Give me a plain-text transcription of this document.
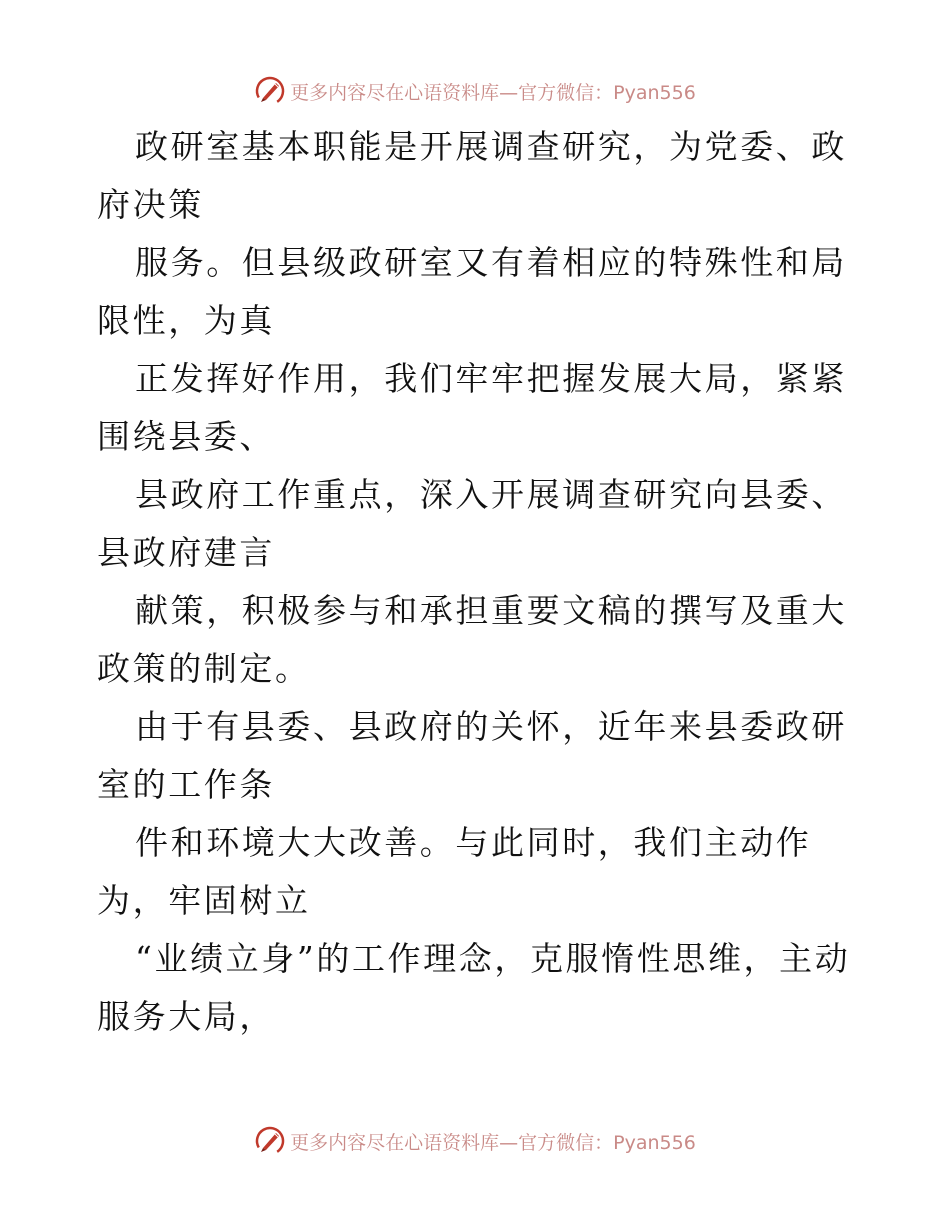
更多内容尽在心语资料库—官方微信：Pyan556

政研室基本职能是开展调查研究，为党委、政府决策

服务。但县级政研室又有着相应的特殊性和局限性，为真

正发挥好作用，我们牢牢把握发展大局，紧紧围绕县委、

县政府工作重点，深入开展调查研究向县委、县政府建言

献策，积极参与和承担重要文稿的撰写及重大政策的制定。

由于有县委、县政府的关怀，近年来县委政研室的工作条

件和环境大大改善。与此同时，我们主动作为，牢固树立

“业绩立身”的工作理念，克服惰性思维，主动服务大局，

更多内容尽在心语资料库—官方微信：Pyan556
